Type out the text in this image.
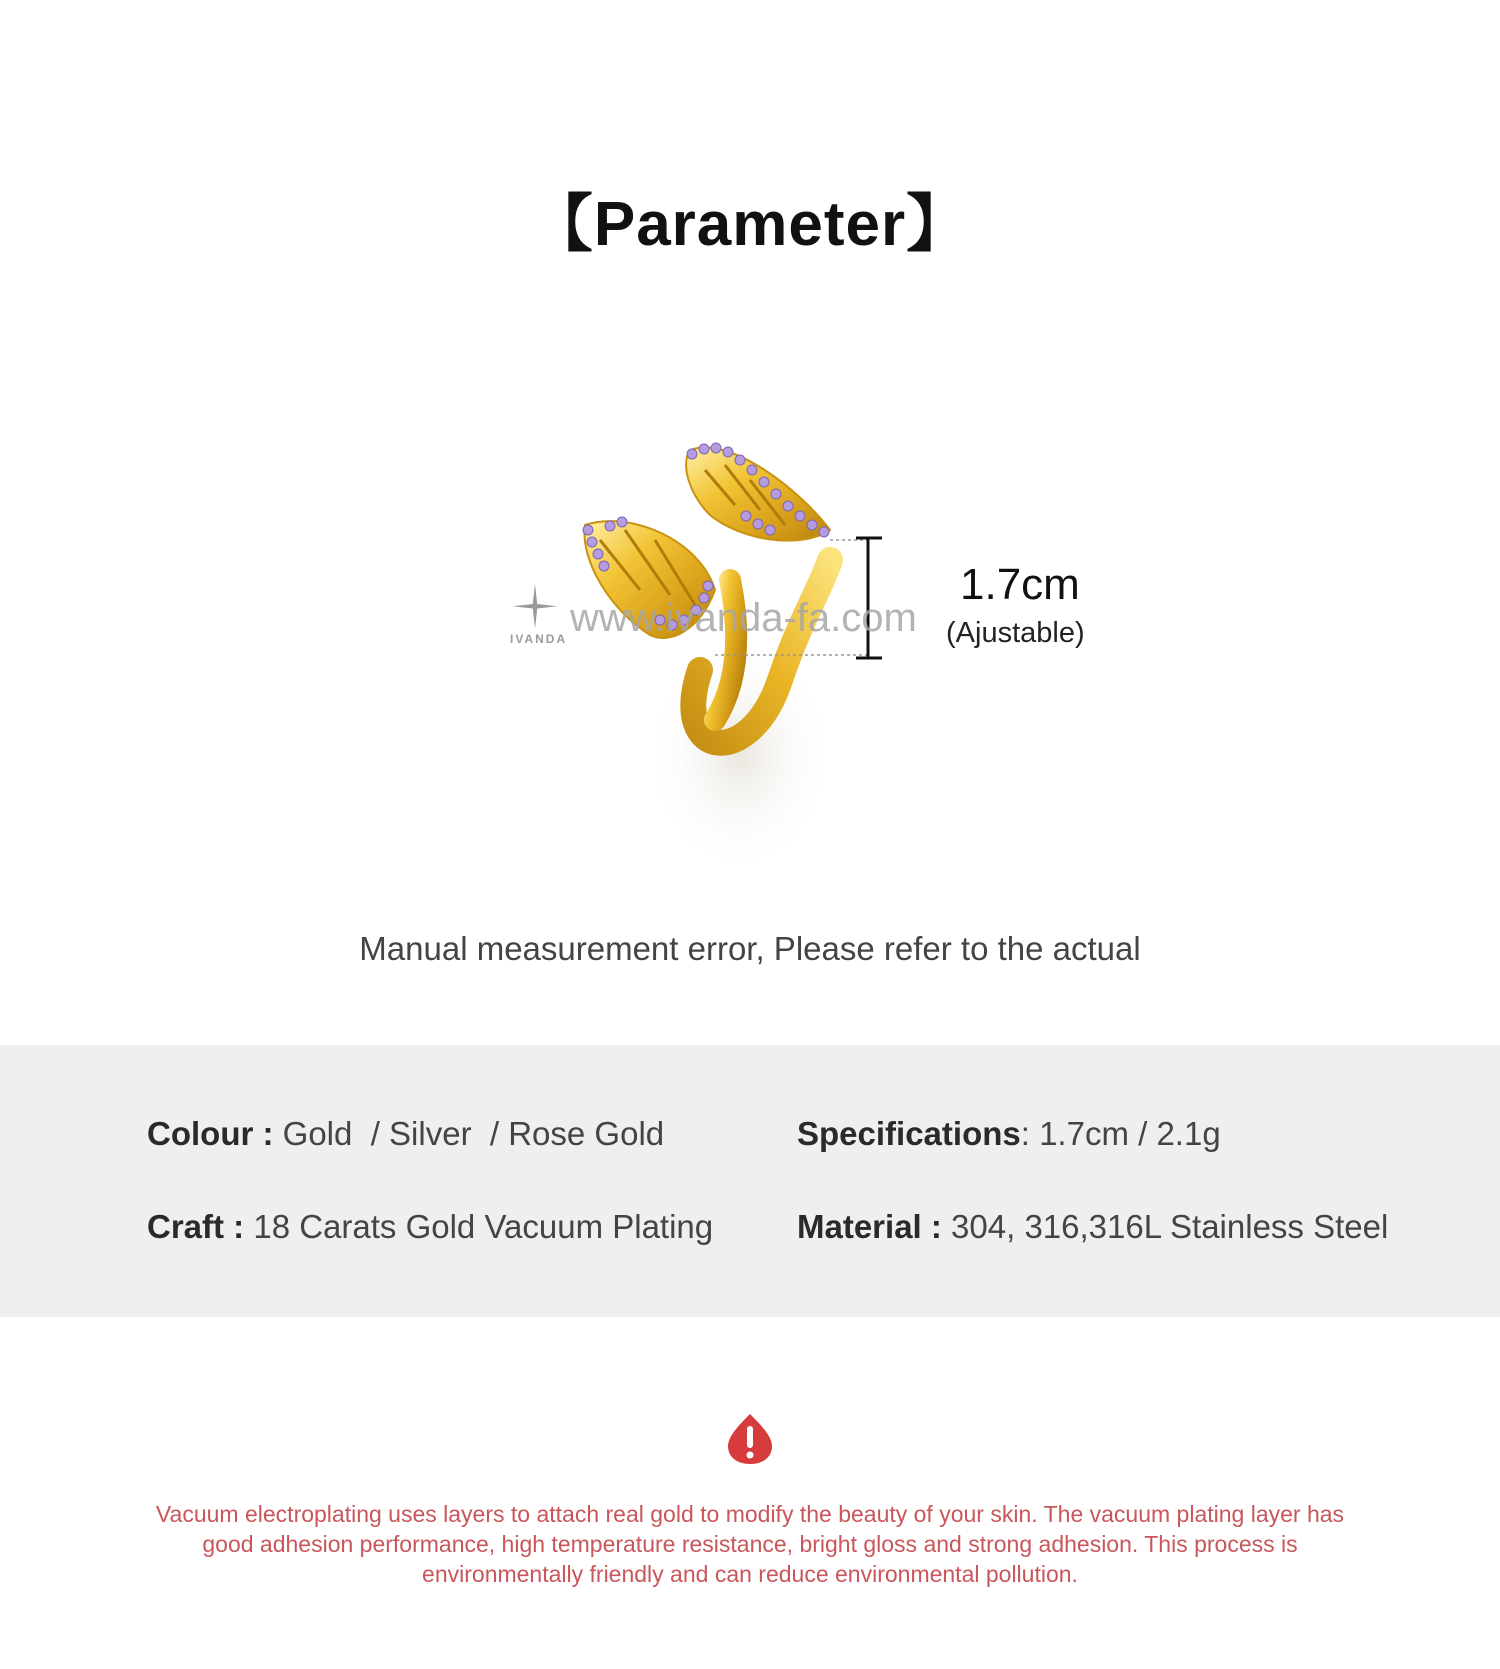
【Parameter】
IVANDA www.ivanda-fa.com
1.7cm
(Ajustable)
Manual measurement error, Please refer to the actual
Colour : Gold  / Silver  / Rose Gold	Specifications: 1.7cm / 2.1g
Craft : 18 Carats Gold Vacuum Plating	Material : 304, 316,316L Stainless Steel

Vacuum electroplating uses layers to attach real gold to modify the beauty of your skin. The vacuum plating layer has good adhesion performance, high temperature resistance, bright gloss and strong adhesion. This process is environmentally friendly and can reduce environmental pollution.
